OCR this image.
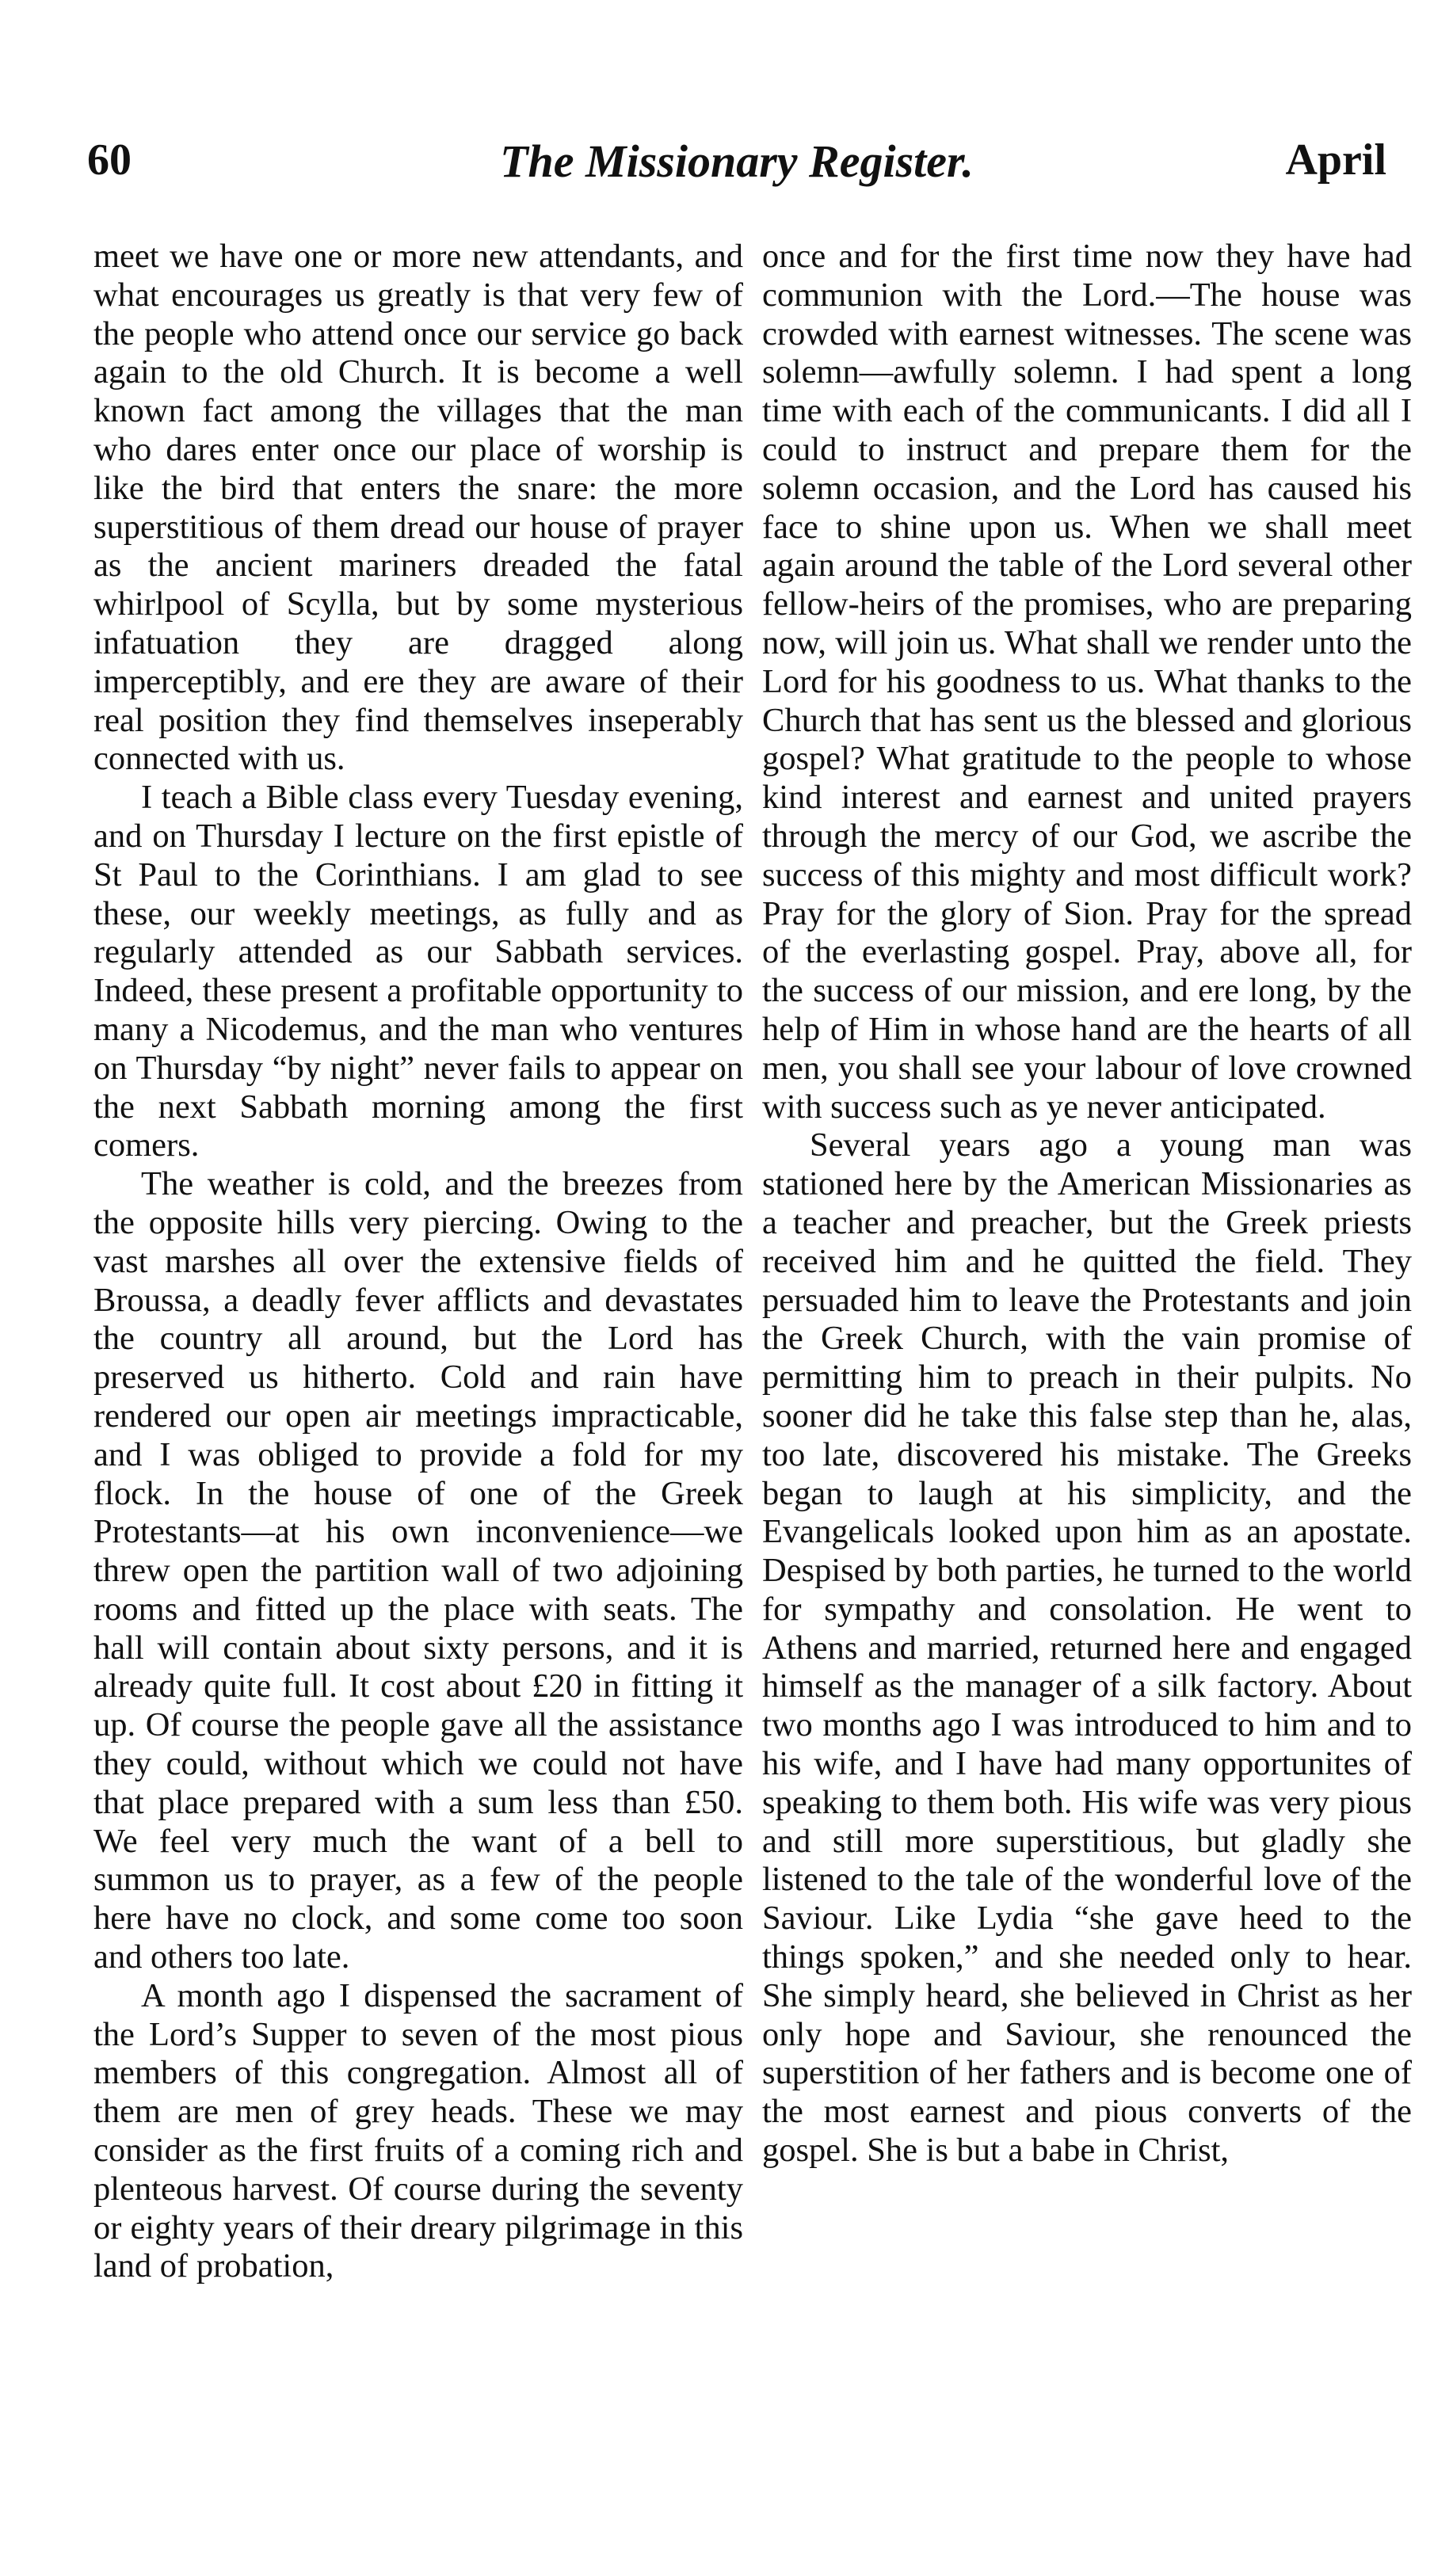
60	The Missionary Register.	April

meet we have one or more new attendants, and what encourages us greatly is that very few of the people who attend once our service go back again to the old Church. It is become a well known fact among the villages that the man who dares enter once our place of worship is like the bird that enters the snare: the more superstitious of them dread our house of prayer as the ancient mariners dreaded the fatal whirlpool of Scylla, but by some mysterious infatuation they are dragged along imperceptibly, and ere they are aware of their real position they find themselves inseperably connected with us.

I teach a Bible class every Tuesday evening, and on Thursday I lecture on the first epistle of St Paul to the Corinthians. I am glad to see these, our weekly meetings, as fully and as regularly attended as our Sabbath services. Indeed, these present a profitable opportunity to many a Nicodemus, and the man who ventures on Thursday “by night” never fails to appear on the next Sabbath morning among the first comers.

The weather is cold, and the breezes from the opposite hills very piercing. Owing to the vast marshes all over the extensive fields of Broussa, a deadly fever afflicts and devastates the country all around, but the Lord has preserved us hitherto. Cold and rain have rendered our open air meetings impracticable, and I was obliged to provide a fold for my flock. In the house of one of the Greek Protestants—at his own inconvenience—we threw open the partition wall of two adjoining rooms and fitted up the place with seats. The hall will contain about sixty persons, and it is already quite full. It cost about £20 in fitting it up. Of course the people gave all the assistance they could, without which we could not have that place prepared with a sum less than £50. We feel very much the want of a bell to summon us to prayer, as a few of the people here have no clock, and some come too soon and others too late.

A month ago I dispensed the sacrament of the Lord’s Supper to seven of the most pious members of this congregation. Almost all of them are men of grey heads. These we may consider as the first fruits of a coming rich and plenteous harvest. Of course during the seventy or eighty years of their dreary pilgrimage in this land of probation,

once and for the first time now they have had communion with the Lord.—The house was crowded with earnest witnesses. The scene was solemn—awfully solemn. I had spent a long time with each of the communicants. I did all I could to instruct and prepare them for the solemn occasion, and the Lord has caused his face to shine upon us. When we shall meet again around the table of the Lord several other fellow-heirs of the promises, who are preparing now, will join us. What shall we render unto the Lord for his goodness to us. What thanks to the Church that has sent us the blessed and glorious gospel? What gratitude to the people to whose kind interest and earnest and united prayers through the mercy of our God, we ascribe the success of this mighty and most difficult work? Pray for the glory of Sion. Pray for the spread of the everlasting gospel. Pray, above all, for the success of our mission, and ere long, by the help of Him in whose hand are the hearts of all men, you shall see your labour of love crowned with success such as ye never anticipated.

Several years ago a young man was stationed here by the American Missionaries as a teacher and preacher, but the Greek priests received him and he quitted the field. They persuaded him to leave the Protestants and join the Greek Church, with the vain promise of permitting him to preach in their pulpits. No sooner did he take this false step than he, alas, too late, discovered his mistake. The Greeks began to laugh at his simplicity, and the Evangelicals looked upon him as an apostate. Despised by both parties, he turned to the world for sympathy and consolation. He went to Athens and married, returned here and engaged himself as the manager of a silk factory. About two months ago I was introduced to him and to his wife, and I have had many opportunites of speaking to them both. His wife was very pious and still more superstitious, but gladly she listened to the tale of the wonderful love of the Saviour. Like Lydia “she gave heed to the things spoken,” and she needed only to hear. She simply heard, she believed in Christ as her only hope and Saviour, she renounced the superstition of her fathers and is become one of the most earnest and pious converts of the gospel. She is but a babe in Christ,
